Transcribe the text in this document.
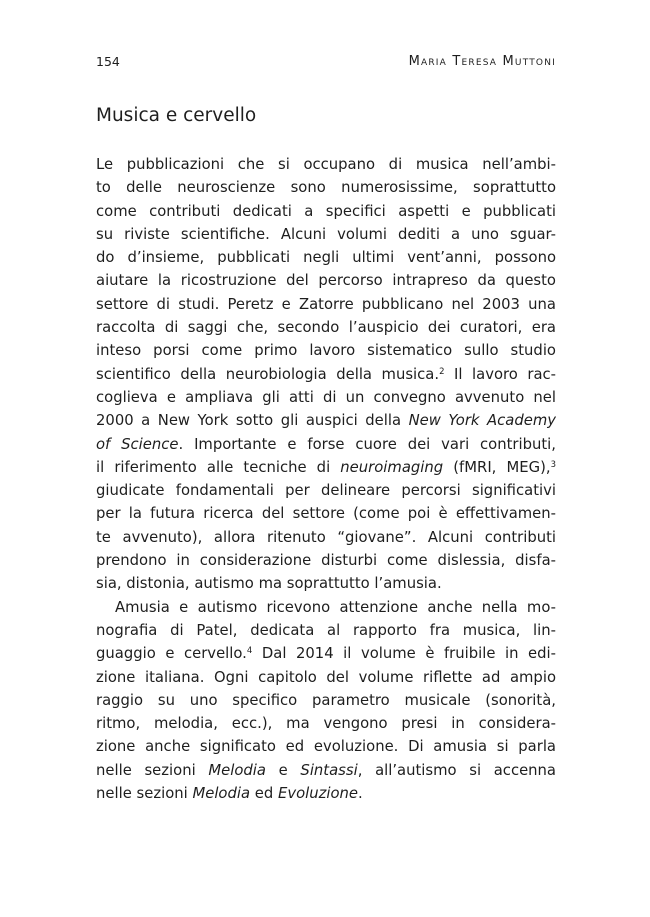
154	Maria Teresa Muttoni
Musica e cervello
Le pubblicazioni che si occupano di musica nell’ambi-
to delle neuroscienze sono numerosissime, soprattutto
come contributi dedicati a specifici aspetti e pubblicati
su riviste scientifiche. Alcuni volumi dediti a uno sguar-
do d’insieme, pubblicati negli ultimi vent’anni, possono
aiutare la ricostruzione del percorso intrapreso da questo
settore di studi. Peretz e Zatorre pubblicano nel 2003 una
raccolta di saggi che, secondo l’auspicio dei curatori, era
inteso porsi come primo lavoro sistematico sullo studio
scientifico della neurobiologia della musica.$^2$ Il lavoro rac-
coglieva e ampliava gli atti di un convegno avvenuto nel
2000 a New York sotto gli auspici della New York Academy
of Science. Importante e forse cuore dei vari contributi,
il riferimento alle tecniche di neuroimaging (fMRI, MEG),$^3$
giudicate fondamentali per delineare percorsi significativi
per la futura ricerca del settore (come poi è effettivamen-
te avvenuto), allora ritenuto “giovane”. Alcuni contributi
prendono in considerazione disturbi come dislessia, disfa-
sia, distonia, autismo ma soprattutto l’amusia.
Amusia e autismo ricevono attenzione anche nella mo-
nografia di Patel, dedicata al rapporto fra musica, lin-
guaggio e cervello.$^4$ Dal 2014 il volume è fruibile in edi-
zione italiana. Ogni capitolo del volume riflette ad ampio
raggio su uno specifico parametro musicale (sonorità,
ritmo, melodia, ecc.), ma vengono presi in considera-
zione anche significato ed evoluzione. Di amusia si parla
nelle sezioni Melodia e Sintassi, all’autismo si accenna
nelle sezioni Melodia ed Evoluzione.
